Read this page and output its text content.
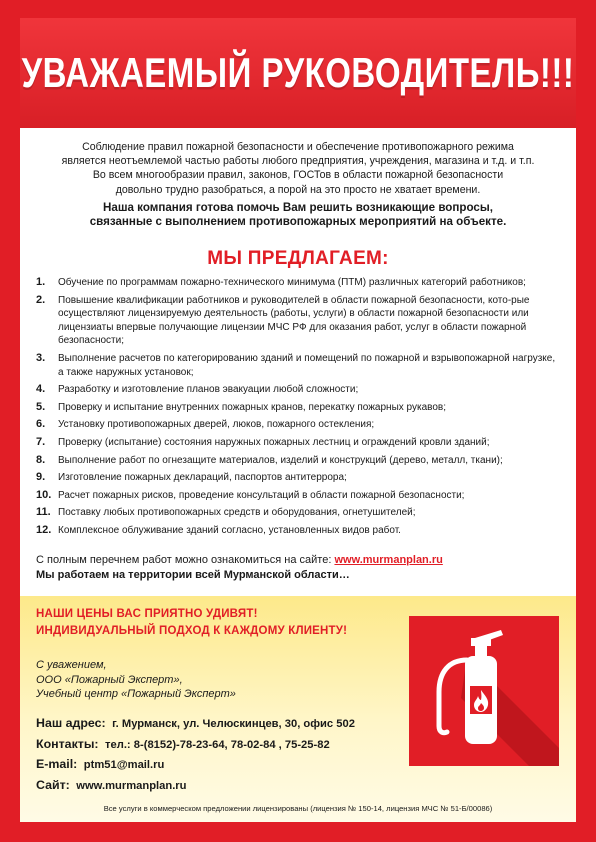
УВАЖАЕМЫЙ РУКОВОДИТЕЛЬ!!!

Соблюдение правил пожарной безопасности и обеспечение противопожарного режима

является неотъемлемой частью работы любого предприятия, учреждения, магазина и т.д. и т.п.

Во всем многообразии правил, законов, ГОСТов в области пожарной безопасности

довольно трудно разобраться, а порой на это просто не хватает времени.

Наша компания готова помочь Вам решить возникающие вопросы,
связанные с выполнением противопожарных мероприятий на объекте.

МЫ ПРЕДЛАГАЕМ:
1.	Обучение по программам пожарно-технического минимума (ПТМ) различных категорий работников;
2.	Повышение квалификации работников и руководителей в области пожарной безопасности, кото-рые осуществляют лицензируемую деятельность (работы, услуги) в области пожарной безопасности или лицензиаты впервые получающие лицензии МЧС РФ для оказания работ, услуг в области пожарной безопасности;
3.	Выполнение расчетов по категорированию зданий и помещений по пожарной и взрывопожарной нагрузке, а также наружных установок;
4.	Разработку и изготовление планов эвакуации любой сложности;
5.	Проверку и испытание внутренних пожарных кранов, перекатку пожарных рукавов;
6.	Установку противопожарных дверей, люков, пожарного остекления;
7.	Проверку (испытание) состояния наружных пожарных лестниц и ограждений кровли зданий;
8.	Выполнение работ по огнезащите материалов, изделий и конструкций (дерево, металл, ткани);
9.	Изготовление пожарных деклараций, паспортов антитеррора;
10. Расчет пожарных рисков, проведение консультаций в области пожарной безопасности;
11. Поставку любых противопожарных средств и оборудования, огнетушителей;
12. Комплексное облуживание зданий согласно, установленных видов работ.
С полным перечнем работ можно ознакомиться на сайте: www.murmanplan.ru
Мы работаем на территории всей Мурманской области…
НАШИ ЦЕНЫ ВАС ПРИЯТНО УДИВЯТ!
ИНДИВИДУАЛЬНЫЙ ПОДХОД К КАЖДОМУ КЛИЕНТУ!
С уважением,
ООО «Пожарный Эксперт»,
Учебный центр «Пожарный Эксперт»
Наш адрес: г. Мурманск, ул. Челюскинцев, 30, офис 502
Контакты: тел.: 8-(8152)-78-23-64, 78-02-84 , 75-25-82
E-mail: ptm51@mail.ru
Сайт: www.murmanplan.ru
Все услуги в коммерческом предложении лицензированы (лицензия № 150-14, лицензия МЧС № 51-Б/00086)
